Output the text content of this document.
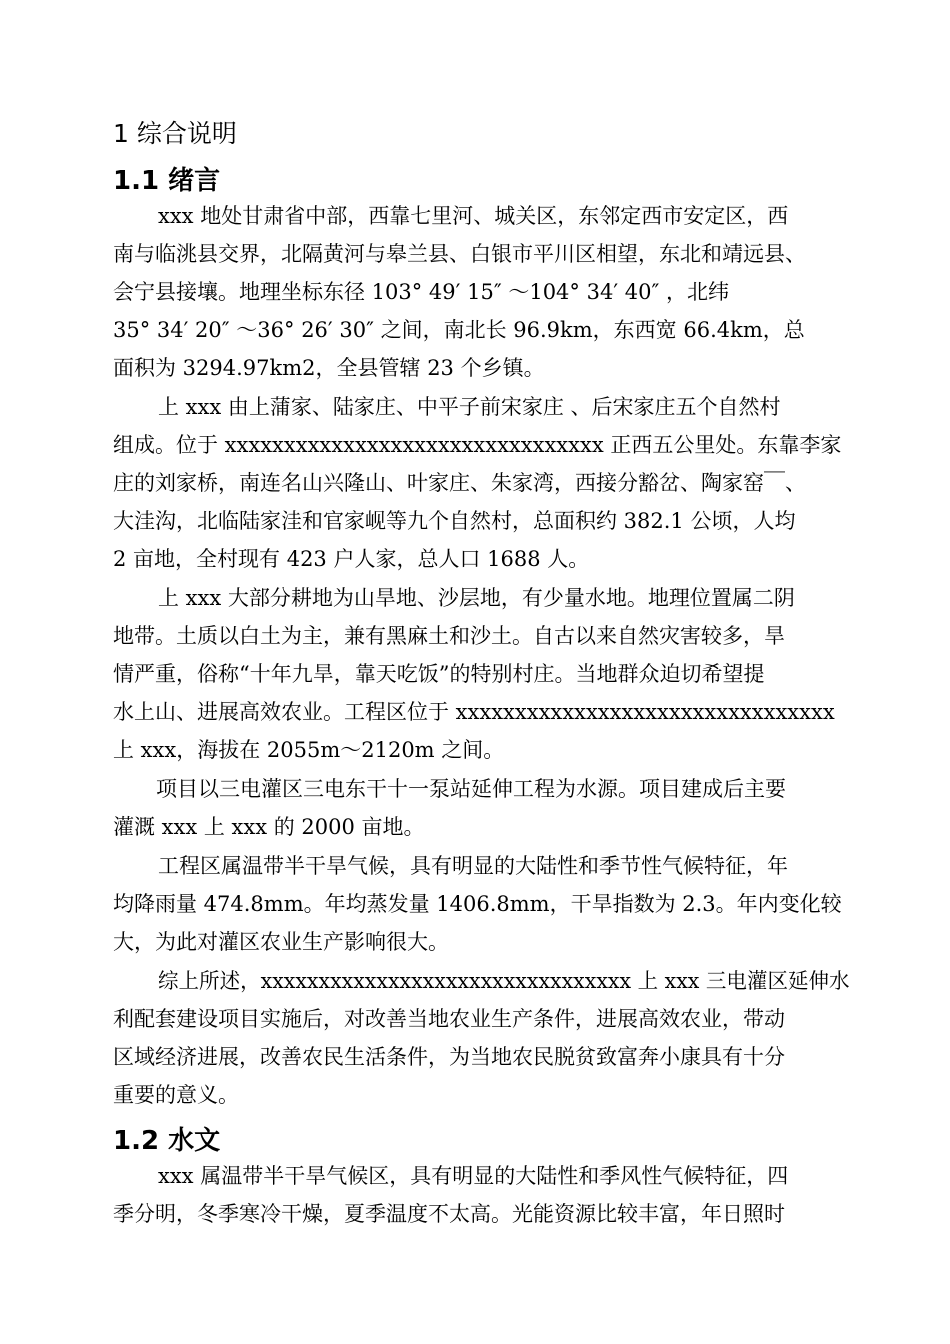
1 综合说明
1.1 绪言
xxx 地处甘肃省中部，西靠七里河、城关区，东邻定西市安定区，西
南与临洮县交界，北隔黄河与皋兰县、白银市平川区相望，东北和靖远县、
会宁县接壤。地理坐标东径 103° 49′ 15″ ～104° 34′ 40″ ，北纬
35° 34′ 20″ ～36° 26′ 30″ 之间，南北长 96.9km，东西宽 66.4km，总
面积为 3294.97km2，全县管辖 23 个乡镇。
上 xxx 由上蒲家、陆家庄、中平子前宋家庄 、后宋家庄五个自然村
组成。位于 xxxxxxxxxxxxxxxxxxxxxxxxxxxxxxxx 正西五公里处。东靠李家
庄的刘家桥，南连名山兴隆山、叶家庄、朱家湾，西接分豁岔、陶家窑￣、
大洼沟，北临陆家洼和官家岘等九个自然村，总面积约 382.1 公顷，人均
2 亩地，全村现有 423 户人家，总人口 1688 人。
上 xxx 大部分耕地为山旱地、沙层地，有少量水地。地理位置属二阴
地带。土质以白土为主，兼有黑麻土和沙土。自古以来自然灾害较多，旱
情严重，俗称“十年九旱，靠天吃饭”的特别村庄。当地群众迫切希望提
水上山、进展高效农业。工程区位于 xxxxxxxxxxxxxxxxxxxxxxxxxxxxxxxx
上 xxx，海拔在 2055m～2120m 之间。
项目以三电灌区三电东干十一泵站延伸工程为水源。项目建成后主要
灌溉 xxx 上 xxx 的 2000 亩地。
工程区属温带半干旱气候，具有明显的大陆性和季节性气候特征，年
均降雨量 474.8mm。年均蒸发量 1406.8mm，干旱指数为 2.3。年内变化较
大，为此对灌区农业生产影响很大。
综上所述，xxxxxxxxxxxxxxxxxxxxxxxxxxxxxxxx 上 xxx 三电灌区延伸水
利配套建设项目实施后，对改善当地农业生产条件，进展高效农业，带动
区域经济进展，改善农民生活条件，为当地农民脱贫致富奔小康具有十分
重要的意义。
1.2 水文
xxx 属温带半干旱气候区，具有明显的大陆性和季风性气候特征，四
季分明，冬季寒冷干燥，夏季温度不太高。光能资源比较丰富，年日照时
